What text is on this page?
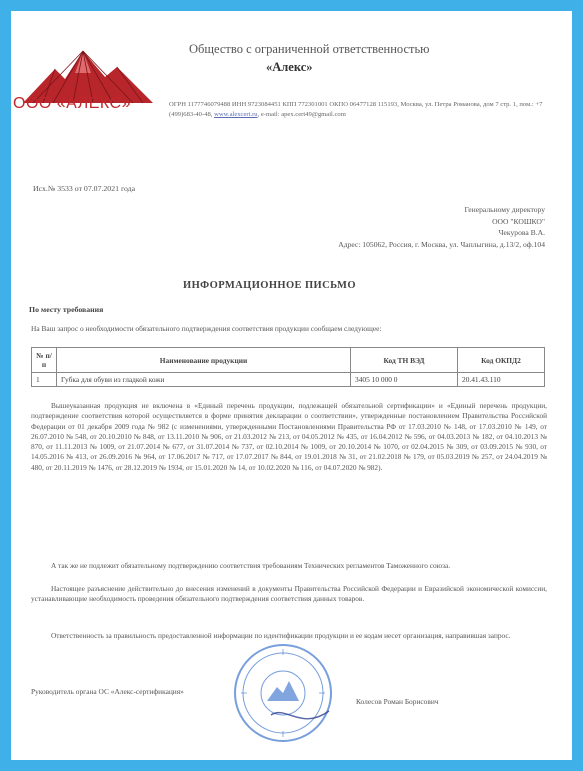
ООО «АЛЕКС»
Общество с ограниченной ответственностью
«Алекс»
ОГРН 1177746079488 ИНН 9723084451 КПП 772301001 ОКПО 06477128 115193, Москва, ул. Петра Романова, дом 7 стр. 1, пом.: +7 (499)683-40-48, www.alexcert.ru, e-mail: apex.cert49@gmail.com
Исх.№ 3533 от 07.07.2021 года
Генеральному директору
ООО "КОШКО"
Чекурова В.А.
Адрес: 105062, Россия, г. Москва, ул. Чаплыгина, д.13/2, оф.104
ИНФОРМАЦИОННОЕ ПИСЬМО
По месту требования
На Ваш запрос о необходимости обязательного подтверждения соответствия продукции сообщаем следующее:
№ п/п	Наименование продукции	Код ТН ВЭД	Код ОКПД2
1	Губка для обуви из гладкой кожи	3405 10 000 0	20.41.43.110
Вышеуказанная продукция не включена в «Единый перечень продукции, подлежащей обязательной сертификации» и «Единый перечень продукции, подтверждение соответствия которой осуществляется в форме принятия декларации о соответствии», утвержденные постановлением Правительства Российской Федерации от 01 декабря 2009 года № 982 (с изменениями, утвержденными Постановлениями Правительства РФ от 17.03.2010 № 148, от 17.03.2010 № 149, от 26.07.2010 № 548, от 20.10.2010 № 848, от 13.11.2010 № 906, от 21.03.2012 № 213, от 04.05.2012 № 435, от 16.04.2012 № 596, от 04.03.2013 № 182, от 04.10.2013 № 870, от 11.11.2013 № 1009, от 21.07.2014 № 677, от 31.07.2014 № 737, от 02.10.2014 № 1009, от 20.10.2014 № 1070, от 02.04.2015 № 309, от 03.09.2015 № 930, от 14.05.2016 № 413, от 26.09.2016 № 964, от 17.06.2017 № 717, от 17.07.2017 № 844, от 19.01.2018 № 31, от 21.02.2018 № 179, от 05.03.2019 № 257, от 24.04.2019 № 480, от 20.11.2019 № 1476, от 28.12.2019 № 1934, от 15.01.2020 № 14, от 10.02.2020 № 116, от 04.07.2020 № 982).
А так же не подлежит обязательному подтверждению соответствия требованиям Технических регламентов Таможенного союза.
Настоящее разъяснение действительно до внесения изменений в документы Правительства Российской Федерации и Евразийской экономической комиссии, устанавливающие необходимость проведения обязательного подтверждения соответствия данных товаров.
Ответственность за правильность предоставленной информации по идентификации продукции и ее кодам несет организация, направившая запрос.
Руководитель органа ОС «Алекс-сертификация»
Колесов Роман Борисович
